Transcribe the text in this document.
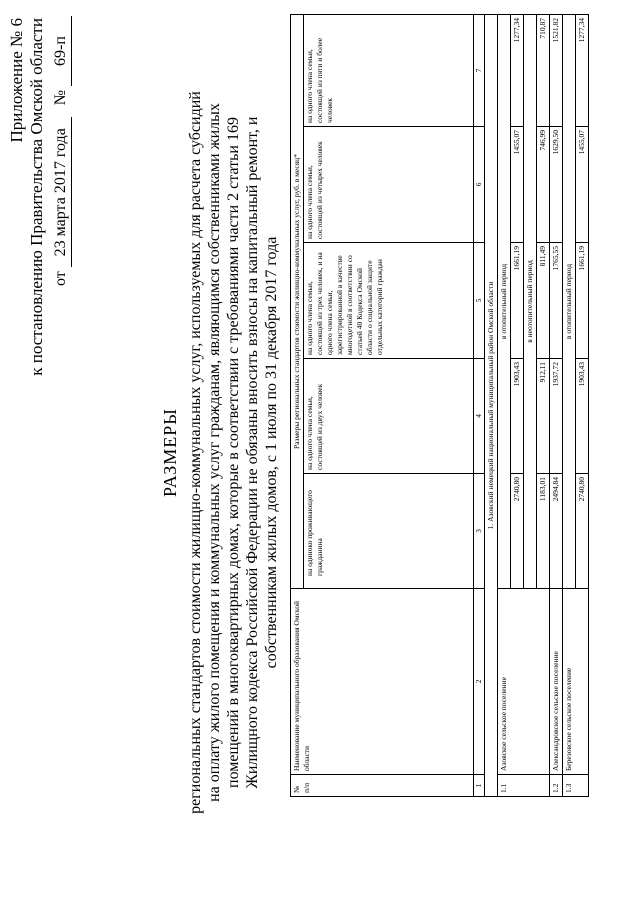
Приложение № 6 к постановлению Правительства Омской области от 23 марта 2017 года   № 69-п
РАЗМЕРЫ региональных стандартов стоимости жилищно-коммунальных услуг, используемых для расчета субсидий на оплату жилого помещения и коммунальных услуг гражданам, являющимся собственниками жилых помещений в многоквартирных домах, которые в соответствии с требованиями части 2 статьи 169 Жилищного кодекса Российской Федерации не обязаны вносить взносы на капитальный ремонт, и собственникам жилых домов, с 1 июля по 31 декабря 2017 года
№ п/п	Наименование муниципального образования Омской области	Размеры региональных стандартов стоимости жилищно-коммунальных услуг, руб. в месяц*				
		на одиноко проживающего гражданина	на одного члена семьи, состоящей из двух человек	на одного члена семьи, состоящей из трех человек, и на одного члена семьи, зарегистрированной в качестве многодетной в соответствии со статьей 40 Кодекса Омской области о социальной защите отдельных категорий граждан	на одного члена семьи, состоящей из четырех человек	на одного члена семьи, состоящей из пяти и более человек
1	2	3	4	5	6	7
1. Азовский немецкий национальный муниципальный район Омской области						
1.1	Азовское сельское поселение	в отопительный период				
		2740,80	1903,43	1661,19	1455,07	1277,34
		в неотопительный период				
		1183,01	912,11	811,49	746,99	710,87
1.2	Александровское сельское поселение	2494,84	1937,72	1765,55	1629,50	1521,82
1.3	Березовское сельское поселение	в отопительный период				
		2740,80	1903,43	1661,19	1455,07	1277,34
